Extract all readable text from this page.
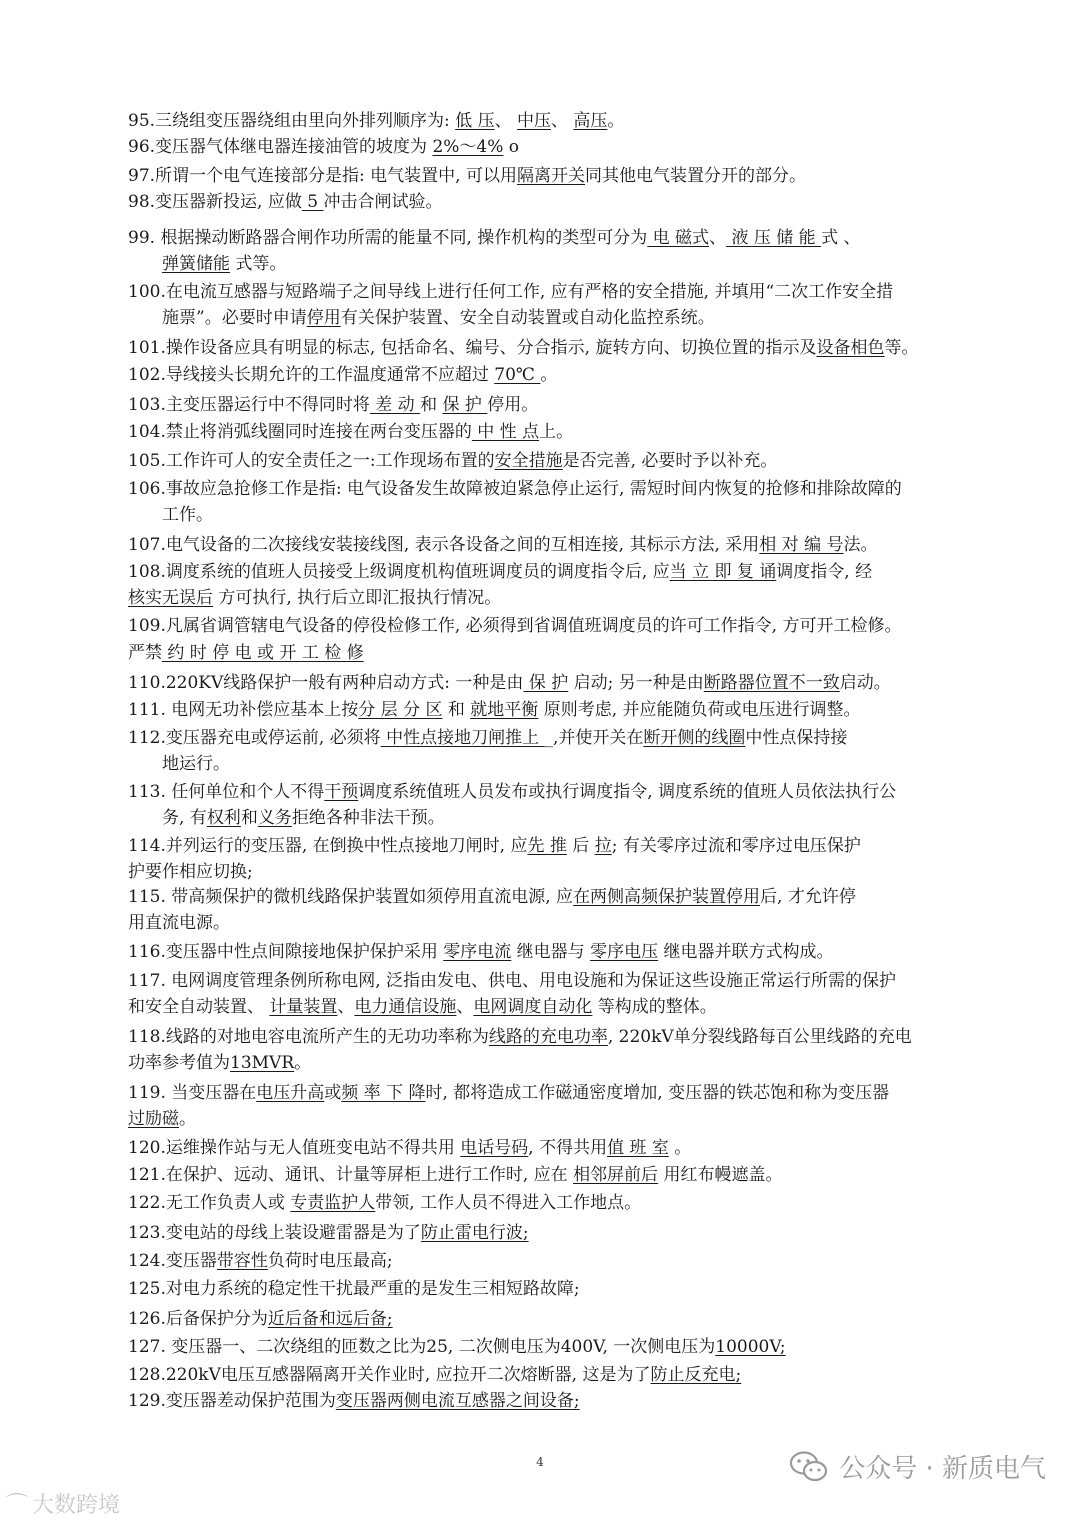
95.三绕组变压器绕组由里向外排列顺序为: 低 压、 中压、 高压。
96.变压器气体继电器连接油管的坡度为 2%～4% o
97.所谓一个电气连接部分是指: 电气装置中, 可以用隔离开关同其他电气装置分开的部分。
98.变压器新投运, 应做 5 冲击合闸试验。
99. 根据操动断路器合闸作功所需的能量不同, 操作机构的类型可分为 电 磁式、 液 压 储 能 式 、
弹簧储能 式等。
100.在电流互感器与短路端子之间导线上进行任何工作, 应有严格的安全措施, 并填用“二次工作安全措
施票”。必要时申请停用有关保护装置、安全自动装置或自动化监控系统。
101.操作设备应具有明显的标志, 包括命名、编号、分合指示, 旋转方向、切换位置的指示及设备相色等。
102.导线接头长期允许的工作温度通常不应超过 70℃ 。
103.主变压器运行中不得同时将 差 动 和 保 护 停用。
104.禁止将消弧线圈同时连接在两台变压器的 中 性 点上。
105.工作许可人的安全责任之一:工作现场布置的安全措施是否完善, 必要时予以补充。
106.事故应急抢修工作是指: 电气设备发生故障被迫紧急停止运行, 需短时间内恢复的抢修和排除故障的
工作。
107.电气设备的二次接线安装接线图, 表示各设备之间的互相连接, 其标示方法, 采用相 对 编 号法。
108.调度系统的值班人员接受上级调度机构值班调度员的调度指令后, 应当 立 即 复 诵调度指令, 经
核实无误后 方可执行, 执行后立即汇报执行情况。
109.凡属省调管辖电气设备的停役检修工作, 必须得到省调值班调度员的许可工作指令, 方可开工检修。
严禁 约 时 停 电 或 开 工 检 修
110.220KV线路保护一般有两种启动方式: 一种是由 保 护 启动; 另一种是由断路器位置不一致启动。
111. 电网无功补偿应基本上按分 层 分 区 和 就地平衡 原则考虑, 并应能随负荷或电压进行调整。
112.变压器充电或停运前, 必须将 中性点接地刀闸推上 _,并使开关在断开侧的线圈中性点保持接
地运行。
113. 任何单位和个人不得干预调度系统值班人员发布或执行调度指令, 调度系统的值班人员依法执行公
务, 有权利和义务拒绝各种非法干预。
114.并列运行的变压器, 在倒换中性点接地刀闸时, 应先 推 后 拉; 有关零序过流和零序过电压保护
护要作相应切换;
115. 带高频保护的微机线路保护装置如须停用直流电源, 应在两侧高频保护装置停用后, 才允许停
用直流电源。
116.变压器中性点间隙接地保护保护采用 零序电流 继电器与 零序电压 继电器并联方式构成。
117. 电网调度管理条例所称电网, 泛指由发电、供电、用电设施和为保证这些设施正常运行所需的保护
和安全自动装置、 计量装置、电力通信设施、电网调度自动化 等构成的整体。
118.线路的对地电容电流所产生的无功功率称为线路的充电功率, 220kV单分裂线路每百公里线路的充电
功率参考值为13MVR。
119. 当变压器在电压升高或频 率 下 降时, 都将造成工作磁通密度增加, 变压器的铁芯饱和称为变压器
过励磁。
120.运维操作站与无人值班变电站不得共用 电话号码, 不得共用值 班 室 。
121.在保护、远动、通讯、计量等屏柜上进行工作时, 应在 相邻屏前后 用红布幔遮盖。
122.无工作负责人或 专责监护人带领, 工作人员不得进入工作地点。
123.变电站的母线上装设避雷器是为了防止雷电行波;
124.变压器带容性负荷时电压最高;
125.对电力系统的稳定性干扰最严重的是发生三相短路故障;
126.后备保护分为近后备和远后备;
127. 变压器一、二次绕组的匝数之比为25, 二次侧电压为400V, 一次侧电压为10000V;
128.220kV电压互感器隔离开关作业时, 应拉开二次熔断器, 这是为了防止反充电;
129.变压器差动保护范围为变压器两侧电流互感器之间设备;
4
⌒ 大数跨境
公众号 · 新质电气
